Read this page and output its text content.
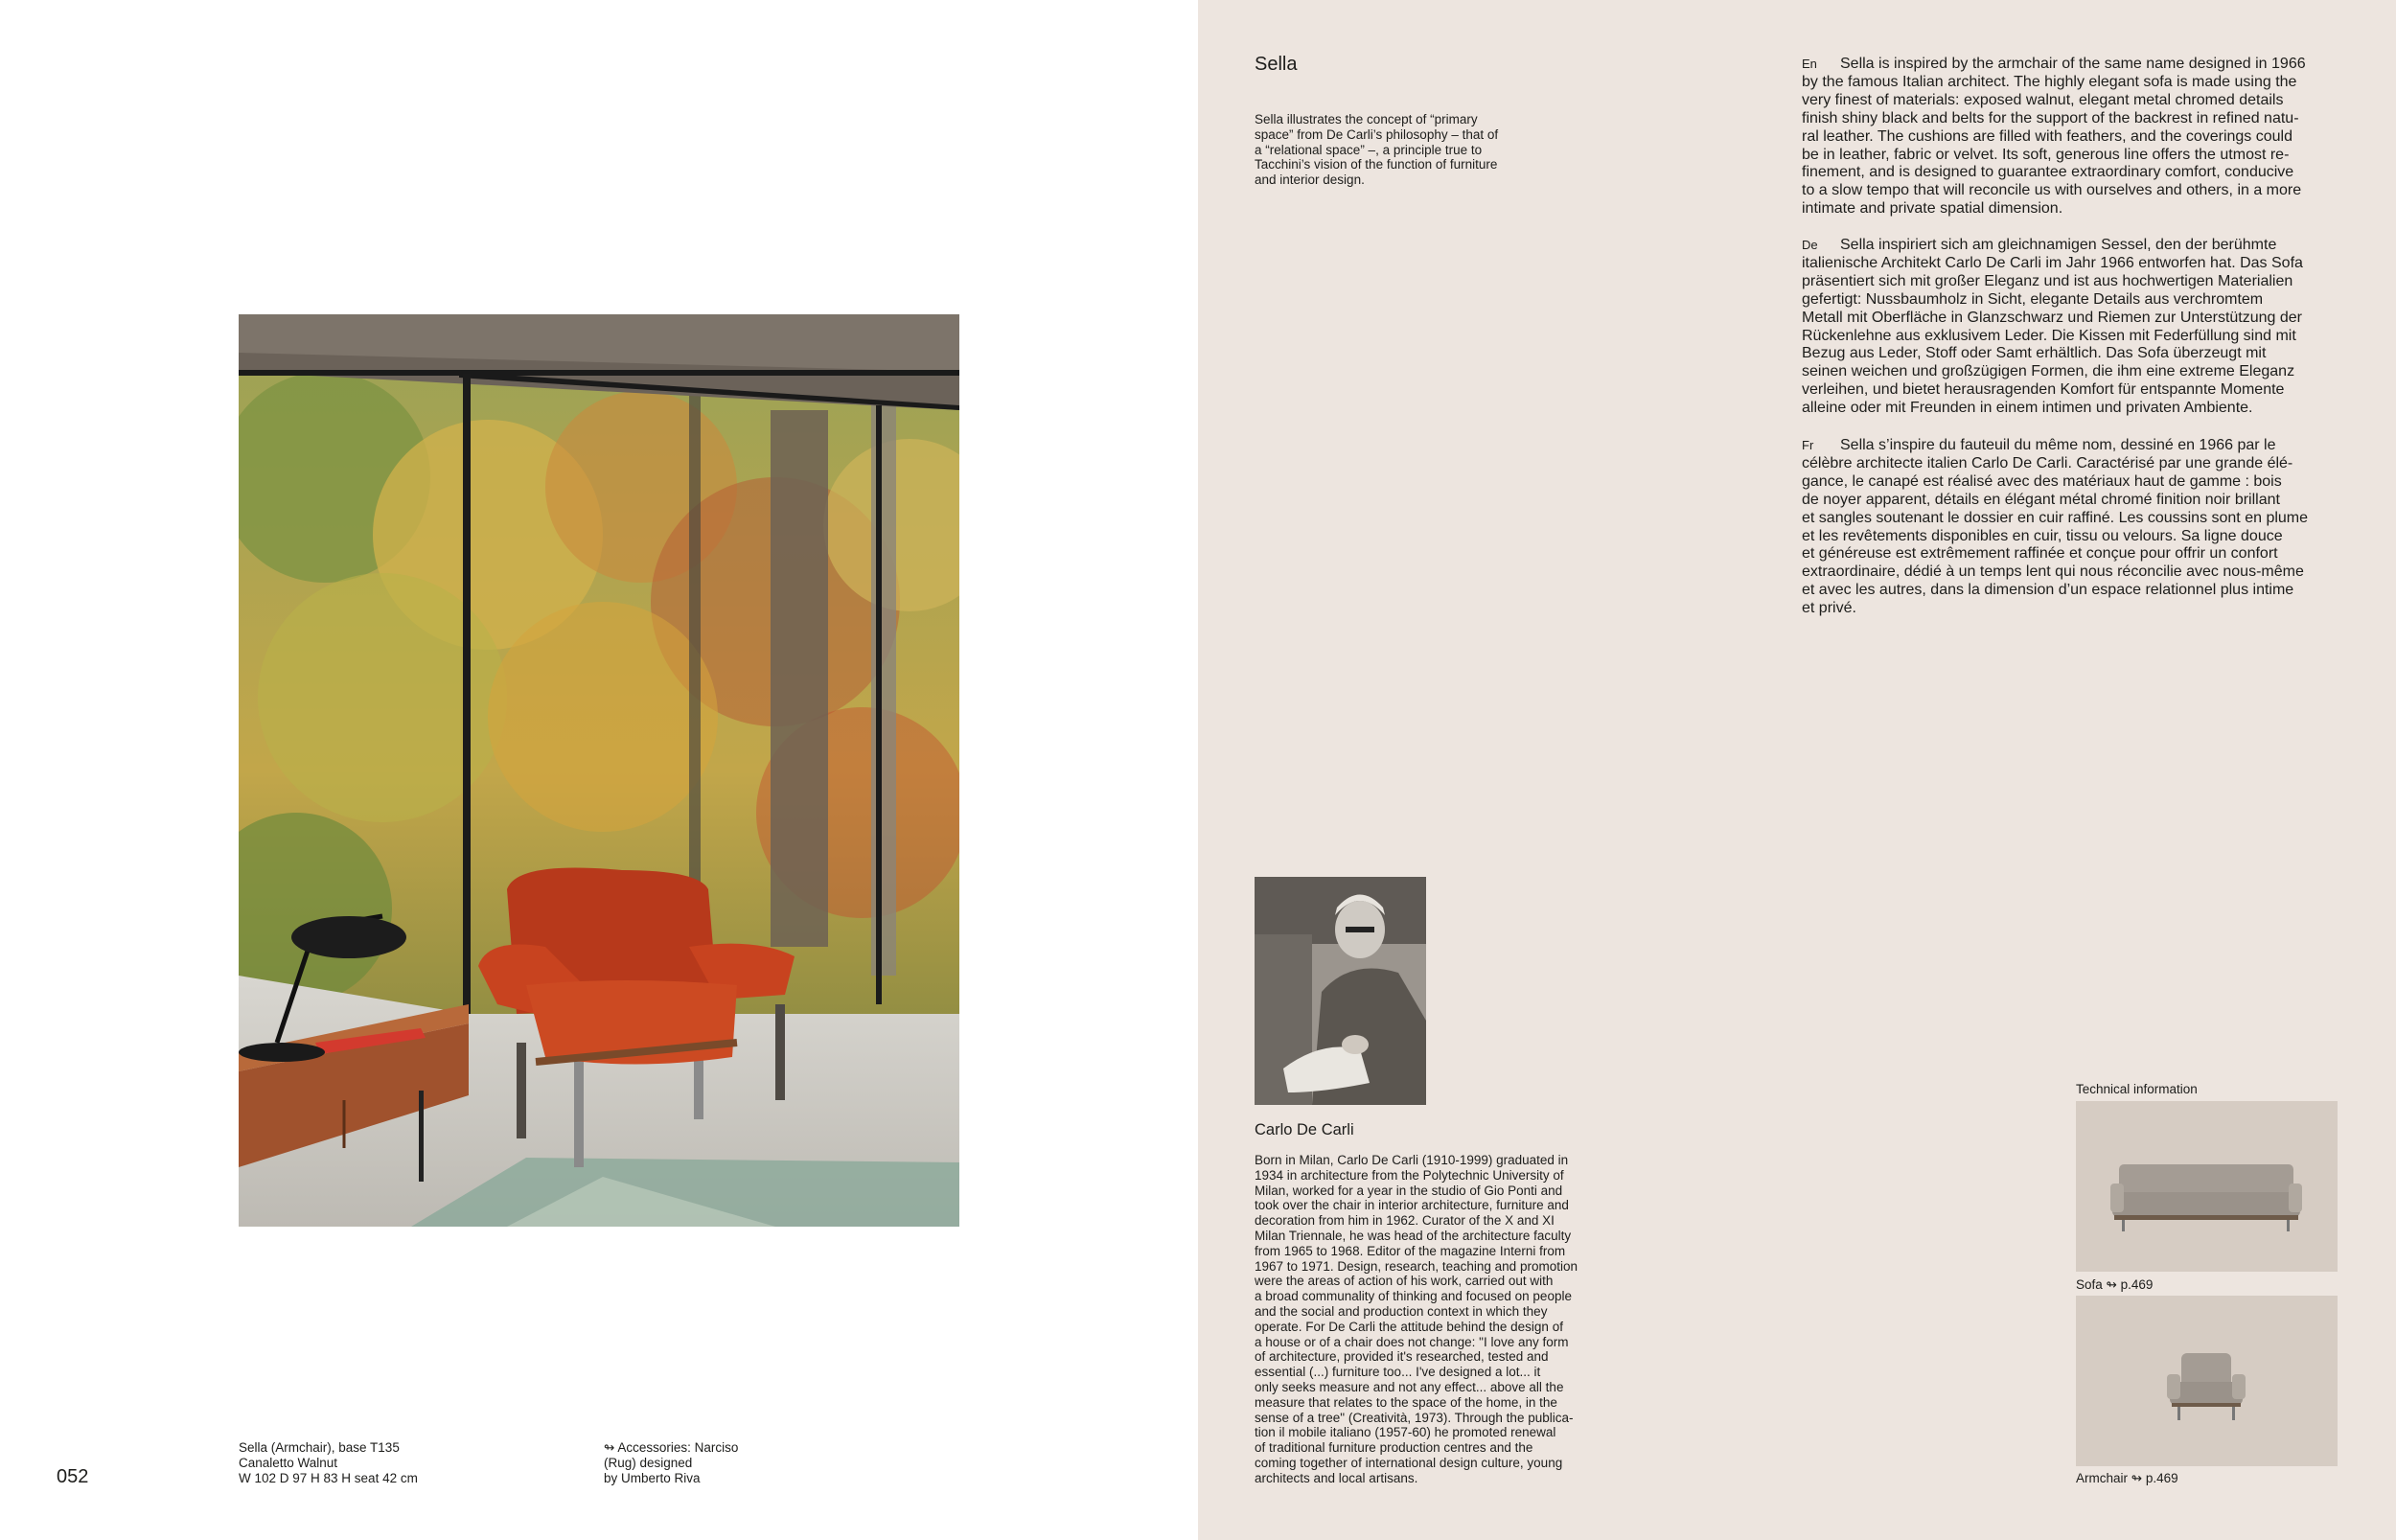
052
Sella (Armchair), base T135
Canaletto Walnut
W 102 D 97 H 83 H seat 42 cm
↬ Accessories: Narciso
(Rug) designed
by Umberto Riva
Sella
Sella illustrates the concept of “primary
space” from De Carli’s philosophy – that of
a “relational space” –, a principle true to
Tacchini’s vision of the function of furniture
and interior design.
En Sella is inspired by the armchair of the same name designed in 1966
by the famous Italian architect. The highly elegant sofa is made using the
very finest of materials: exposed walnut, elegant metal chromed details
finish shiny black and belts for the support of the backrest in refined natu-
ral leather. The cushions are filled with feathers, and the coverings could
be in leather, fabric or velvet. Its soft, generous line offers the utmost re-
finement, and is designed to guarantee extraordinary comfort, conducive
to a slow tempo that will reconcile us with ourselves and others, in a more
intimate and private spatial dimension.
De Sella inspiriert sich am gleichnamigen Sessel, den der berühmte
italienische Architekt Carlo De Carli im Jahr 1966 entworfen hat. Das Sofa
präsentiert sich mit großer Eleganz und ist aus hochwertigen Materialien
gefertigt: Nussbaumholz in Sicht, elegante Details aus verchromtem
Metall mit Oberfläche in Glanzschwarz und Riemen zur Unterstützung der
Rückenlehne aus exklusivem Leder. Die Kissen mit Federfüllung sind mit
Bezug aus Leder, Stoff oder Samt erhältlich. Das Sofa überzeugt mit
seinen weichen und großzügigen Formen, die ihm eine extreme Eleganz
verleihen, und bietet herausragenden Komfort für entspannte Momente
alleine oder mit Freunden in einem intimen und privaten Ambiente.
Fr Sella s’inspire du fauteuil du même nom, dessiné en 1966 par le
célèbre architecte italien Carlo De Carli. Caractérisé par une grande élé-
gance, le canapé est réalisé avec des matériaux haut de gamme : bois
de noyer apparent, détails en élégant métal chromé finition noir brillant
et sangles soutenant le dossier en cuir raffiné. Les coussins sont en plume
et les revêtements disponibles en cuir, tissu ou velours. Sa ligne douce
et généreuse est extrêmement raffinée et conçue pour offrir un confort
extraordinaire, dédié à un temps lent qui nous réconcilie avec nous-même
et avec les autres, dans la dimension d’un espace relationnel plus intime
et privé.
Carlo De Carli
Born in Milan, Carlo De Carli (1910-1999) graduated in
1934 in architecture from the Polytechnic University of
Milan, worked for a year in the studio of Gio Ponti and
took over the chair in interior architecture, furniture and
decoration from him in 1962. Curator of the X and XI
Milan Triennale, he was head of the architecture faculty
from 1965 to 1968. Editor of the magazine Interni from
1967 to 1971. Design, research, teaching and promotion
were the areas of action of his work, carried out with
a broad communality of thinking and focused on people
and the social and production context in which they
operate. For De Carli the attitude behind the design of
a house or of a chair does not change: "I love any form
of architecture, provided it's researched, tested and
essential (...) furniture too... I've designed a lot... it
only seeks measure and not any effect... above all the
measure that relates to the space of the home, in the
sense of a tree" (Creatività, 1973). Through the publica-
tion il mobile italiano (1957-60) he promoted renewal
of traditional furniture production centres and the
coming together of international design culture, young
architects and local artisans.
Technical information
Sofa ↬ p.469
Armchair ↬ p.469
